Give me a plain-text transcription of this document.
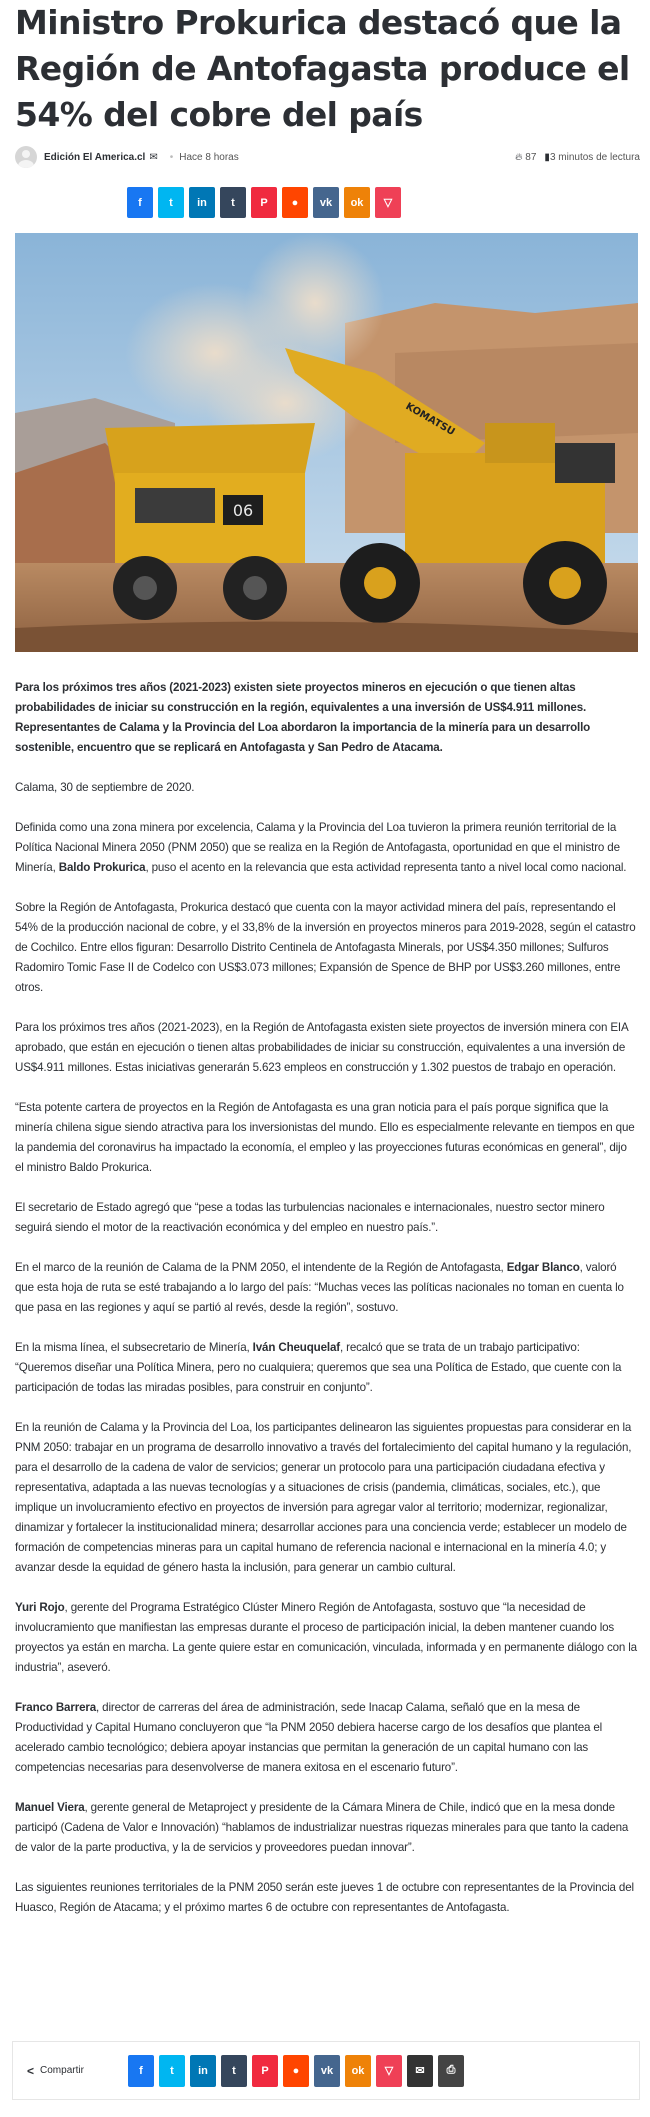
Ministro Prokurica destacó que la Región de Antofagasta produce el 54% del cobre del país
Edición El America.cl ✉ • Hace 8 horas	🔥︎ 87 ▮3 minutos de lectura
f t in t P ● vk ok ▽
06
KOMATSU

Para los próximos tres años (2021-2023) existen siete proyectos mineros en ejecución o que tienen altas probabilidades de iniciar su construcción en la región, equivalentes a una inversión de US$4.911 millones. Representantes de Calama y la Provincia del Loa abordaron la importancia de la minería para un desarrollo sostenible, encuentro que se replicará en Antofagasta y San Pedro de Atacama.

Calama, 30 de septiembre de 2020.

Definida como una zona minera por excelencia, Calama y la Provincia del Loa tuvieron la primera reunión territorial de la Política Nacional Minera 2050 (PNM 2050) que se realiza en la Región de Antofagasta, oportunidad en que el ministro de Minería, Baldo Prokurica, puso el acento en la relevancia que esta actividad representa tanto a nivel local como nacional.

Sobre la Región de Antofagasta, Prokurica destacó que cuenta con la mayor actividad minera del país, representando el 54% de la producción nacional de cobre, y el 33,8% de la inversión en proyectos mineros para 2019-2028, según el catastro de Cochilco. Entre ellos figuran: Desarrollo Distrito Centinela de Antofagasta Minerals, por US$4.350 millones; Sulfuros Radomiro Tomic Fase II de Codelco con US$3.073 millones; Expansión de Spence de BHP por US$3.260 millones, entre otros.

Para los próximos tres años (2021-2023), en la Región de Antofagasta existen siete proyectos de inversión minera con EIA aprobado, que están en ejecución o tienen altas probabilidades de iniciar su construcción, equivalentes a una inversión de US$4.911 millones. Estas iniciativas generarán 5.623 empleos en construcción y 1.302 puestos de trabajo en operación.

“Esta potente cartera de proyectos en la Región de Antofagasta es una gran noticia para el país porque significa que la minería chilena sigue siendo atractiva para los inversionistas del mundo. Ello es especialmente relevante en tiempos en que la pandemia del coronavirus ha impactado la economía, el empleo y las proyecciones futuras económicas en general”, dijo el ministro Baldo Prokurica.

El secretario de Estado agregó que “pese a todas las turbulencias nacionales e internacionales, nuestro sector minero seguirá siendo el motor de la reactivación económica y del empleo en nuestro país.”.

En el marco de la reunión de Calama de la PNM 2050, el intendente de la Región de Antofagasta, Edgar Blanco, valoró que esta hoja de ruta se esté trabajando a lo largo del país: “Muchas veces las políticas nacionales no toman en cuenta lo que pasa en las regiones y aquí se partió al revés, desde la región”, sostuvo.

En la misma línea, el subsecretario de Minería, Iván Cheuquelaf, recalcó que se trata de un trabajo participativo: “Queremos diseñar una Política Minera, pero no cualquiera; queremos que sea una Política de Estado, que cuente con la participación de todas las miradas posibles, para construir en conjunto”.

En la reunión de Calama y la Provincia del Loa, los participantes delinearon las siguientes propuestas para considerar en la PNM 2050: trabajar en un programa de desarrollo innovativo a través del fortalecimiento del capital humano y la regulación, para el desarrollo de la cadena de valor de servicios; generar un protocolo para una participación ciudadana efectiva y representativa, adaptada a las nuevas tecnologías y a situaciones de crisis (pandemia, climáticas, sociales, etc.), que implique un involucramiento efectivo en proyectos de inversión para agregar valor al territorio; modernizar, regionalizar, dinamizar y fortalecer la institucionalidad minera; desarrollar acciones para una conciencia verde; establecer un modelo de formación de competencias mineras para un capital humano de referencia nacional e internacional en la minería 4.0; y avanzar desde la equidad de género hasta la inclusión, para generar un cambio cultural.

Yuri Rojo, gerente del Programa Estratégico Clúster Minero Región de Antofagasta, sostuvo que “la necesidad de involucramiento que manifiestan las empresas durante el proceso de participación inicial, la deben mantener cuando los proyectos ya están en marcha. La gente quiere estar en comunicación, vinculada, informada y en permanente diálogo con la industria”, aseveró.

Franco Barrera, director de carreras del área de administración, sede Inacap Calama, señaló que en la mesa de Productividad y Capital Humano concluyeron que “la PNM 2050 debiera hacerse cargo de los desafíos que plantea el acelerado cambio tecnológico; debiera apoyar instancias que permitan la generación de un capital humano con las competencias necesarias para desenvolverse de manera exitosa en el escenario futuro”.

Manuel Viera, gerente general de Metaproject y presidente de la Cámara Minera de Chile, indicó que en la mesa donde participó (Cadena de Valor e Innovación) “hablamos de industrializar nuestras riquezas minerales para que tanto la cadena de valor de la parte productiva, y la de servicios y proveedores puedan innovar”.

Las siguientes reuniones territoriales de la PNM 2050 serán este jueves 1 de octubre con representantes de la Provincia del Huasco, Región de Atacama; y el próximo martes 6 de octubre con representantes de Antofagasta.

< Compartir	f t in t P ● vk ok ▽ ✉ ⎙
